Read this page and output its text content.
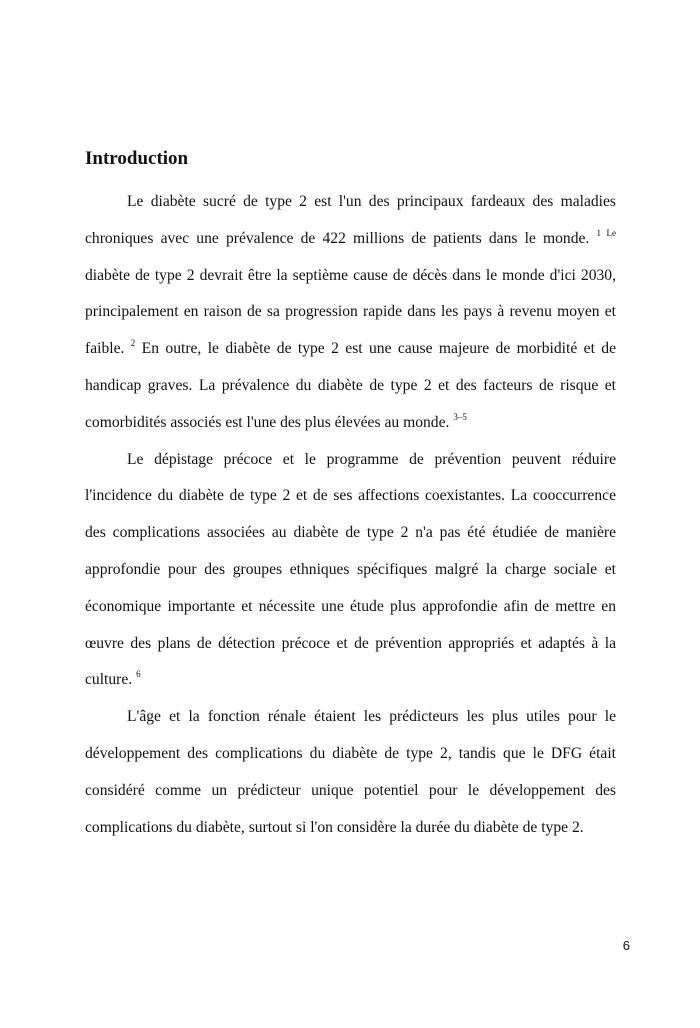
Introduction

Le diabète sucré de type 2 est l'un des principaux fardeaux des maladies chroniques avec une prévalence de 422 millions de patients dans le monde. $^{1 Le}$ diabète de type 2 devrait être la septième cause de décès dans le monde d'ici 2030, principalement en raison de sa progression rapide dans les pays à revenu moyen et faible. $^2$ En outre, le diabète de type 2 est une cause majeure de morbidité et de handicap graves. La prévalence du diabète de type 2 et des facteurs de risque et comorbidités associés est l'une des plus élevées au monde. $^{3-5}$

Le dépistage précoce et le programme de prévention peuvent réduire l'incidence du diabète de type 2 et de ses affections coexistantes. La cooccurrence des complications associées au diabète de type 2 n'a pas été étudiée de manière approfondie pour des groupes ethniques spécifiques malgré la charge sociale et économique importante et nécessite une étude plus approfondie afin de mettre en œuvre des plans de détection précoce et de prévention appropriés et adaptés à la culture. $^6$

L'âge et la fonction rénale étaient les prédicteurs les plus utiles pour le développement des complications du diabète de type 2, tandis que le DFG était considéré comme un prédicteur unique potentiel pour le développement des complications du diabète, surtout si l'on considère la durée du diabète de type 2.

6
